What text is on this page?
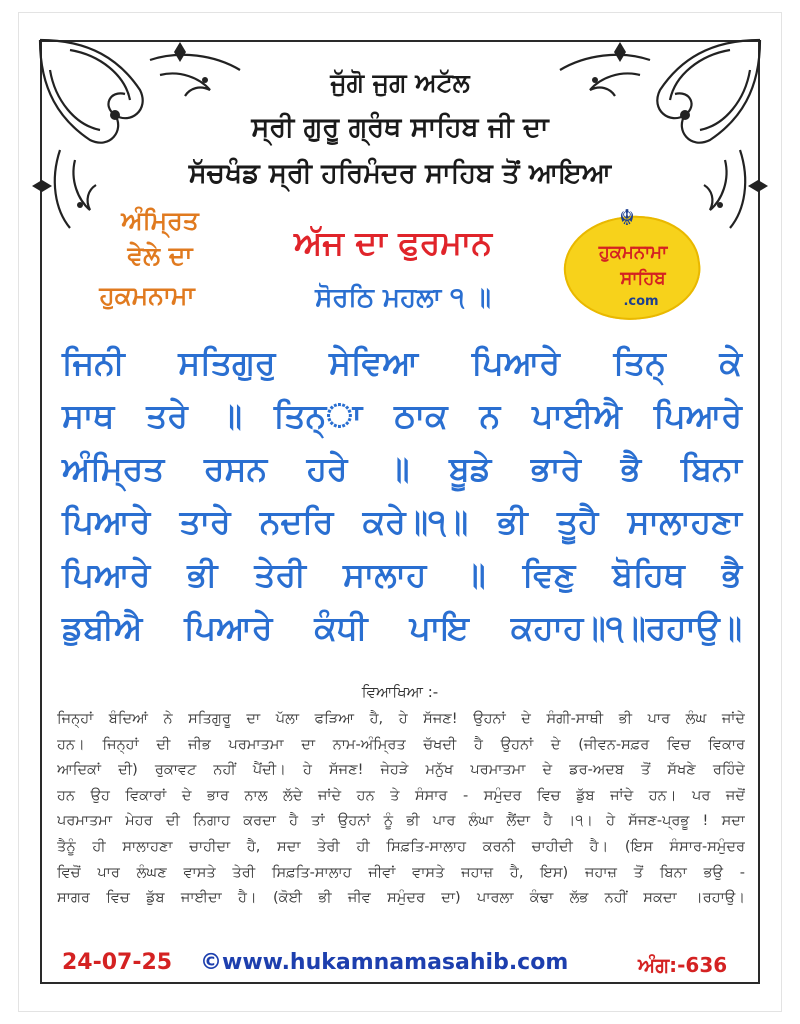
ਜੁੱਗੋ ਜੁਗ ਅਟੱਲ
ਸ੍ਰੀ ਗੁਰੂ ਗ੍ਰੰਥ ਸਾਹਿਬ ਜੀ ਦਾ
ਸੱਚਖੰਡ ਸ੍ਰੀ ਹਰਿਮੰਦਰ ਸਾਹਿਬ ਤੋਂ ਆਇਆ
ਅੰਮ੍ਰਿਤ
ਵੇਲੇ ਦਾ
ਹੁਕਮਨਾਮਾ
ਅੱਜ ਦਾ ਫੁਰਮਾਨ
ਸੋਰਠਿ ਮਹਲਾ ੧ ॥
☬
ਹੁਕਮਨਾਮਾ
ਸਾਹਿਬ
.com
ਜਿਨੀ ਸਤਿਗੁਰੁ ਸੇਵਿਆ ਪਿਆਰੇ ਤਿਨ੍ ਕੇ
ਸਾਥ ਤਰੇ ॥ ਤਿਨ੍ਾ ਠਾਕ ਨ ਪਾਈਐ ਪਿਆਰੇ
ਅੰਮ੍ਰਿਤ ਰਸਨ ਹਰੇ ॥ ਬੂਡੇ ਭਾਰੇ ਭੈ ਬਿਨਾ
ਪਿਆਰੇ ਤਾਰੇ ਨਦਰਿ ਕਰੇ॥੧॥ ਭੀ ਤੂਹੈ ਸਾਲਾਹਣਾ
ਪਿਆਰੇ ਭੀ ਤੇਰੀ ਸਾਲਾਹ ॥ ਵਿਣੁ ਬੋਹਿਥ ਭੈ
ਡੁਬੀਐ ਪਿਆਰੇ ਕੰਧੀ ਪਾਇ ਕਹਾਹ॥੧॥ਰਹਾਉ॥
ਵਿਆਖਿਆ :-
ਜਿਨ੍ਹਾਂ ਬੰਦਿਆਂ ਨੇ ਸਤਿਗੁਰੂ ਦਾ ਪੱਲਾ ਫੜਿਆ ਹੈ, ਹੇ ਸੱਜਣ! ਉਹਨਾਂ ਦੇ ਸੰਗੀ-ਸਾਥੀ ਭੀ ਪਾਰ ਲੰਘ ਜਾਂਦੇ
ਹਨ। ਜਿਨ੍ਹਾਂ ਦੀ ਜੀਭ ਪਰਮਾਤਮਾ ਦਾ ਨਾਮ-ਅੰਮ੍ਰਿਤ ਚੱਖਦੀ ਹੈ ਉਹਨਾਂ ਦੇ (ਜੀਵਨ-ਸਫ਼ਰ ਵਿਚ ਵਿਕਾਰ
ਆਦਿਕਾਂ ਦੀ) ਰੁਕਾਵਟ ਨਹੀਂ ਪੈਂਦੀ। ਹੇ ਸੱਜਣ! ਜੇਹੜੇ ਮਨੁੱਖ ਪਰਮਾਤਮਾ ਦੇ ਡਰ-ਅਦਬ ਤੋਂ ਸੱਖਣੇ ਰਹਿੰਦੇ
ਹਨ ਉਹ ਵਿਕਾਰਾਂ ਦੇ ਭਾਰ ਨਾਲ ਲੱਦੇ ਜਾਂਦੇ ਹਨ ਤੇ ਸੰਸਾਰ - ਸਮੁੰਦਰ ਵਿਚ ਡੁੱਬ ਜਾਂਦੇ ਹਨ। ਪਰ ਜਦੋਂ
ਪਰਮਾਤਮਾ ਮੇਹਰ ਦੀ ਨਿਗਾਹ ਕਰਦਾ ਹੈ ਤਾਂ ਉਹਨਾਂ ਨੂੰ ਭੀ ਪਾਰ ਲੰਘਾ ਲੈਂਦਾ ਹੈ ।੧। ਹੇ ਸੱਜਣ-ਪ੍ਰਭੂ ! ਸਦਾ
ਤੈਨੂੰ ਹੀ ਸਾਲਾਹਣਾ ਚਾਹੀਦਾ ਹੈ, ਸਦਾ ਤੇਰੀ ਹੀ ਸਿਫ਼ਤਿ-ਸਾਲਾਹ ਕਰਨੀ ਚਾਹੀਦੀ ਹੈ। (ਇਸ ਸੰਸਾਰ-ਸਮੁੰਦਰ
ਵਿਚੋਂ ਪਾਰ ਲੰਘਣ ਵਾਸਤੇ ਤੇਰੀ ਸਿਫ਼ਤਿ-ਸਾਲਾਹ ਜੀਵਾਂ ਵਾਸਤੇ ਜਹਾਜ਼ ਹੈ, ਇਸ) ਜਹਾਜ਼ ਤੋਂ ਬਿਨਾ ਭਉ -
ਸਾਗਰ ਵਿਚ ਡੁੱਬ ਜਾਈਦਾ ਹੈ। (ਕੋਈ ਭੀ ਜੀਵ ਸਮੁੰਦਰ ਦਾ) ਪਾਰਲਾ ਕੰਢਾ ਲੱਭ ਨਹੀਂ ਸਕਦਾ ।ਰਹਾਉ।
24-07-25 ©www.hukamnamasahib.com	ਅੰਗ:-636
